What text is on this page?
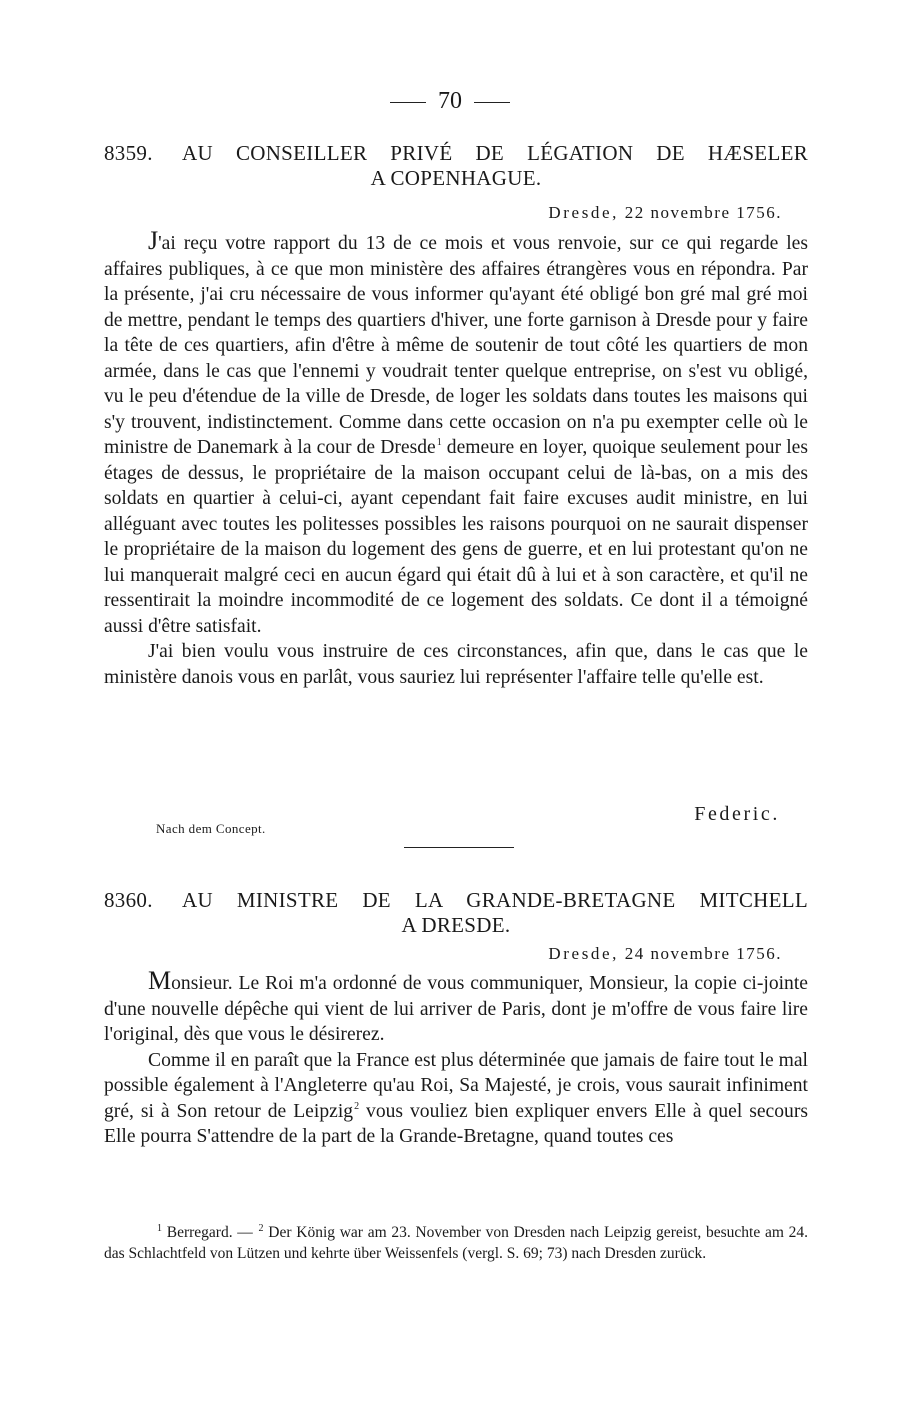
70
8359.	AU CONSEILLER PRIVÉ DE LÉGATION DE HÆSELER
A COPENHAGUE.
Dresde, 22 novembre 1756.

J'ai reçu votre rapport du 13 de ce mois et vous renvoie, sur ce qui regarde les affaires publiques, à ce que mon ministère des affaires étrangères vous en répondra. Par la présente, j'ai cru nécessaire de vous informer qu'ayant été obligé bon gré mal gré moi de mettre, pendant le temps des quartiers d'hiver, une forte garnison à Dresde pour y faire la tête de ces quartiers, afin d'être à même de soutenir de tout côté les quartiers de mon armée, dans le cas que l'ennemi y voudrait tenter quelque entreprise, on s'est vu obligé, vu le peu d'étendue de la ville de Dresde, de loger les soldats dans toutes les maisons qui s'y trouvent, indistinctement. Comme dans cette occasion on n'a pu exempter celle où le ministre de Danemark à la cour de Dresde$^1$ demeure en loyer, quoique seulement pour les étages de dessus, le propriétaire de la maison occupant celui de là-bas, on a mis des soldats en quartier à celui-ci, ayant cependant fait faire excuses audit ministre, en lui alléguant avec toutes les politesses possibles les raisons pourquoi on ne saurait dispenser le propriétaire de la maison du logement des gens de guerre, et en lui protestant qu'on ne lui manquerait malgré ceci en aucun égard qui était dû à lui et à son caractère, et qu'il ne ressentirait la moindre incommodité de ce logement des soldats. Ce dont il a témoigné aussi d'être satisfait.

J'ai bien voulu vous instruire de ces circonstances, afin que, dans le cas que le ministère danois vous en parlât, vous sauriez lui représenter l'affaire telle qu'elle est.

Federic.
Nach dem Concept.
8360.	AU MINISTRE DE LA GRANDE-BRETAGNE MITCHELL
A DRESDE.
Dresde, 24 novembre 1756.

Monsieur. Le Roi m'a ordonné de vous communiquer, Monsieur, la copie ci-jointe d'une nouvelle dépêche qui vient de lui arriver de Paris, dont je m'offre de vous faire lire l'original, dès que vous le désirerez.

Comme il en paraît que la France est plus déterminée que jamais de faire tout le mal possible également à l'Angleterre qu'au Roi, Sa Majesté, je crois, vous saurait infiniment gré, si à Son retour de Leipzig$^2$ vous vouliez bien expliquer envers Elle à quel secours Elle pourra S'attendre de la part de la Grande-Bretagne, quand toutes ces

$^1$ Berregard. — $^2$ Der König war am 23. November von Dresden nach Leipzig gereist, besuchte am 24. das Schlachtfeld von Lützen und kehrte über Weissenfels (vergl. S. 69; 73) nach Dresden zurück.
